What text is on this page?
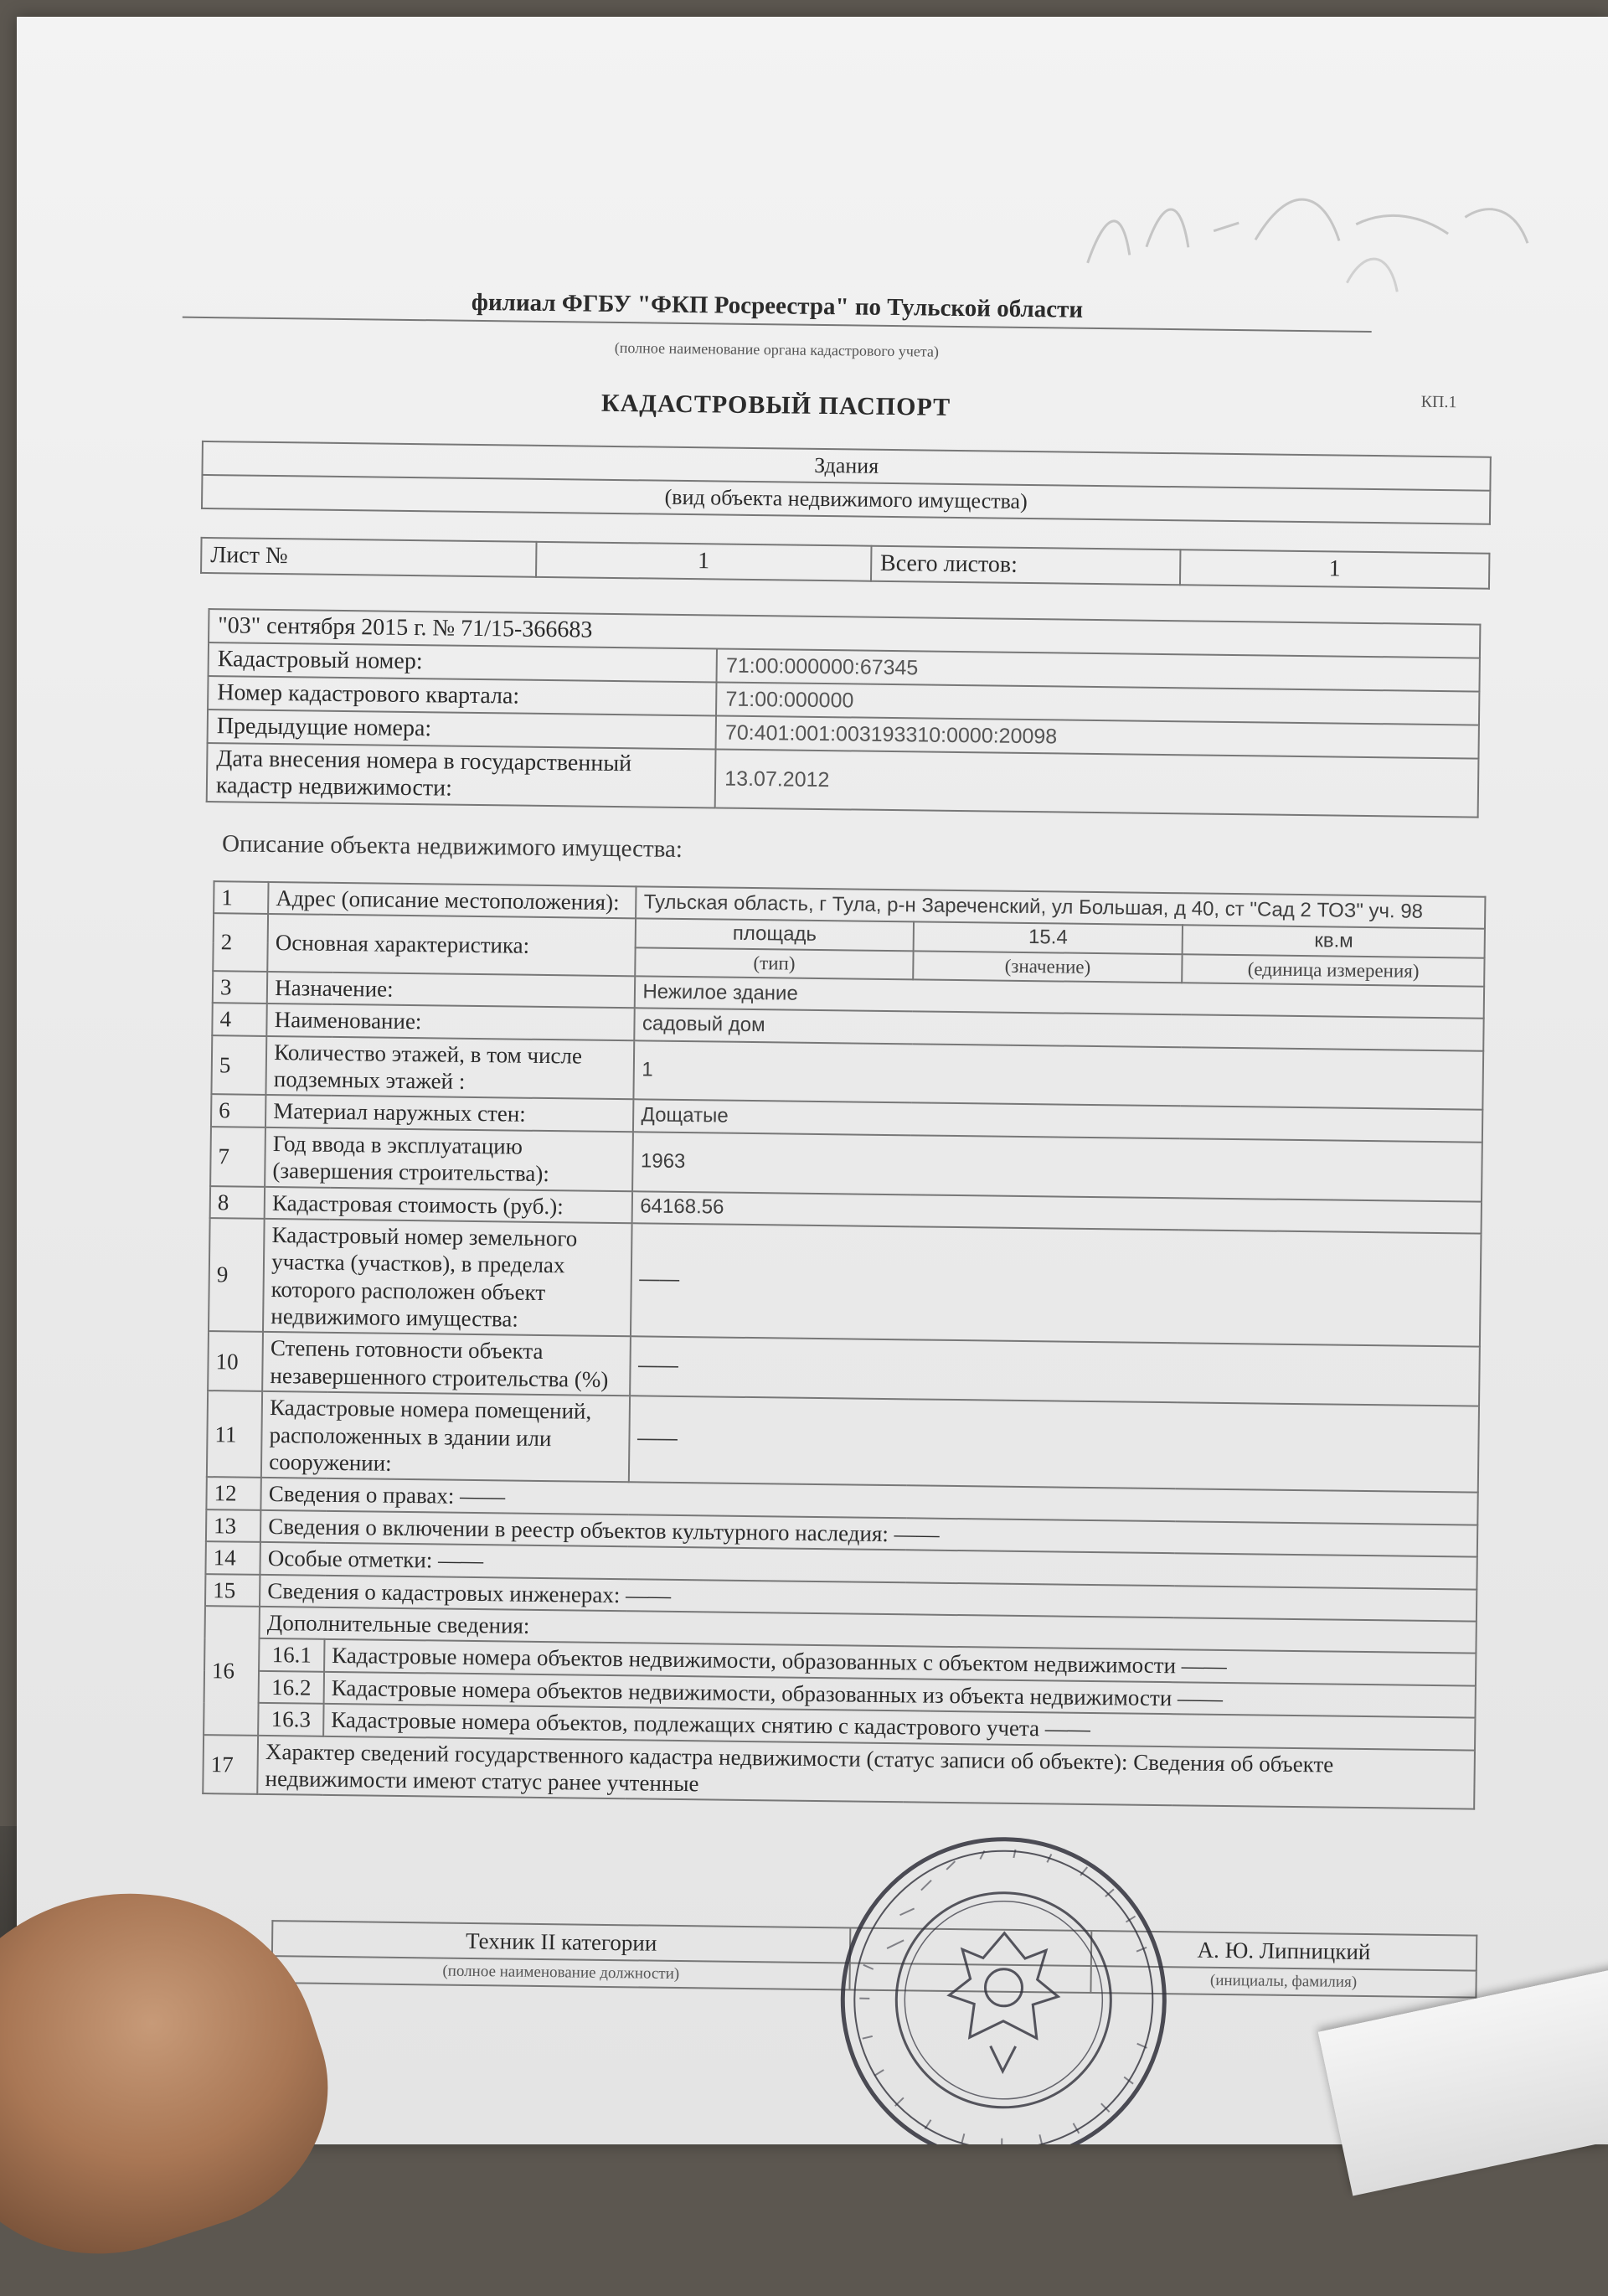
филиал ФГБУ "ФКП Росреестра" по Тульской области
(полное наименование органа кадастрового учета)
КАДАСТРОВЫЙ ПАСПОРТ	КП.1
Здания
(вид объекта недвижимого имущества)
Лист №	1	Всего листов:	1
"03" сентября 2015 г. № 71/15-366683	
Кадастровый номер:	71:00:000000:67345
Номер кадастрового квартала:	71:00:000000
Предыдущие номера:	70:401:001:003193310:0000:20098
Дата внесения номера в государственный кадастр недвижимости:	13.07.2012
Описание объекта недвижимого имущества:
1	Адрес (описание местоположения):		Тульская область, г Тула, р-н Зареченский, ул Большая, д 40, ст "Сад 2 ТОЗ" уч. 98		
2	Основная характеристика:		площадь	15.4	кв.м
			(тип)	(значение)	(единица измерения)
3	Назначение:		Нежилое здание		
4	Наименование:		садовый дом		
5	Количество этажей, в том числе подземных этажей :		1		
6	Материал наружных стен:		Дощатые		
7	Год ввода в эксплуатацию (завершения строительства):		1963		
8	Кадастровая стоимость (руб.):		64168.56		
9	Кадастровый номер земельного участка (участков), в пределах которого расположен объект недвижимого имущества:		——		
10	Степень готовности объекта незавершенного строительства (%)		——		
11	Кадастровые номера помещений, расположенных в здании или сооружении:		——		
12	Сведения о правах: ——				
13	Сведения о включении в реестр объектов культурного наследия: ——				
14	Особые отметки: ——				
15	Сведения о кадастровых инженерах: ——				
16	Дополнительные сведения:				
	16.1	Кадастровые номера объектов недвижимости, образованных с объектом недвижимости ——			
	16.2	Кадастровые номера объектов недвижимости, образованных из объекта недвижимости ——			
	16.3	Кадастровые номера объектов, подлежащих снятию с кадастрового учета ——			
17	Характер сведений государственного кадастра недвижимости (статус записи об объекте): Сведения об объекте недвижимости имеют статус ранее учтенные				
Техник II категории		А. Ю. Липницкий
(полное наименование должности)		(инициалы, фамилия)
